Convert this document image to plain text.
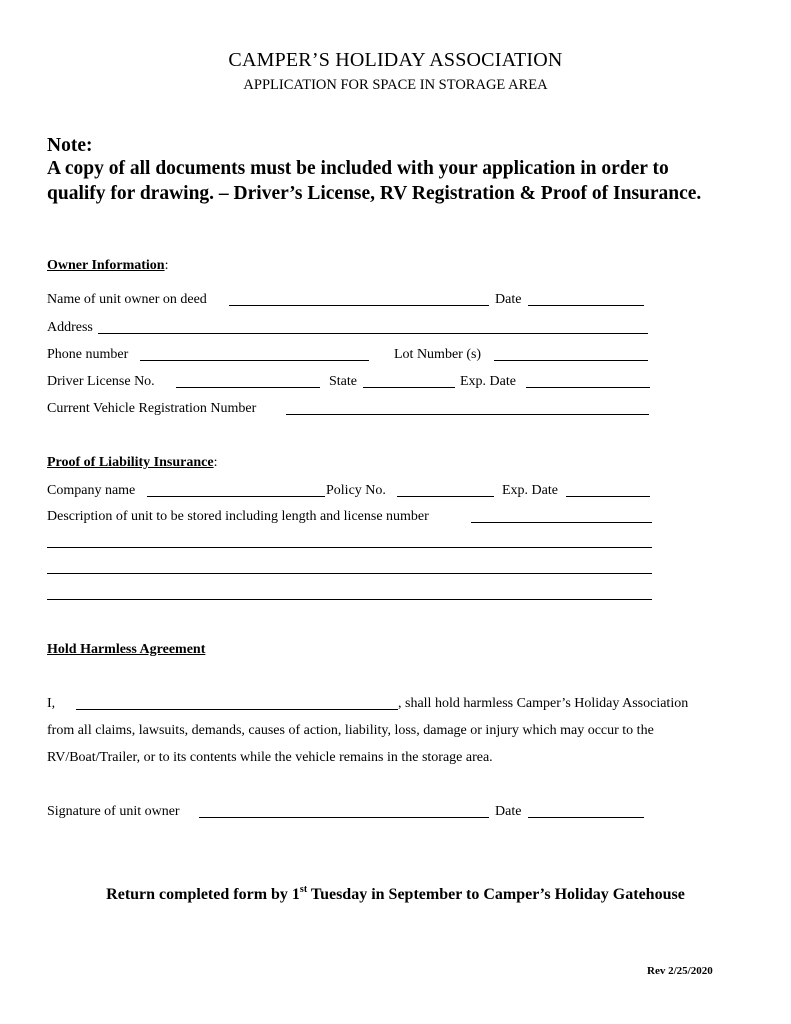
CAMPER’S HOLIDAY ASSOCIATION
APPLICATION FOR SPACE IN STORAGE AREA
Note:
A copy of all documents must be included with your application in order to
qualify for drawing. – Driver’s License, RV Registration & Proof of Insurance.
Owner Information:
Name of unit owner on deed	Date
Address
Phone number	Lot Number (s)
Driver License No.	State	Exp. Date
Current Vehicle Registration Number
Proof of Liability Insurance:
Company name	Policy No.	Exp. Date
Description of unit to be stored including length and license number
Hold Harmless Agreement
I,	, shall hold harmless Camper’s Holiday Association
from all claims, lawsuits, demands, causes of action, liability, loss, damage or injury which may occur to the
RV/Boat/Trailer, or to its contents while the vehicle remains in the storage area.
Signature of unit owner	Date
Return completed form by 1st Tuesday in September to Camper’s Holiday Gatehouse
Rev 2/25/2020
